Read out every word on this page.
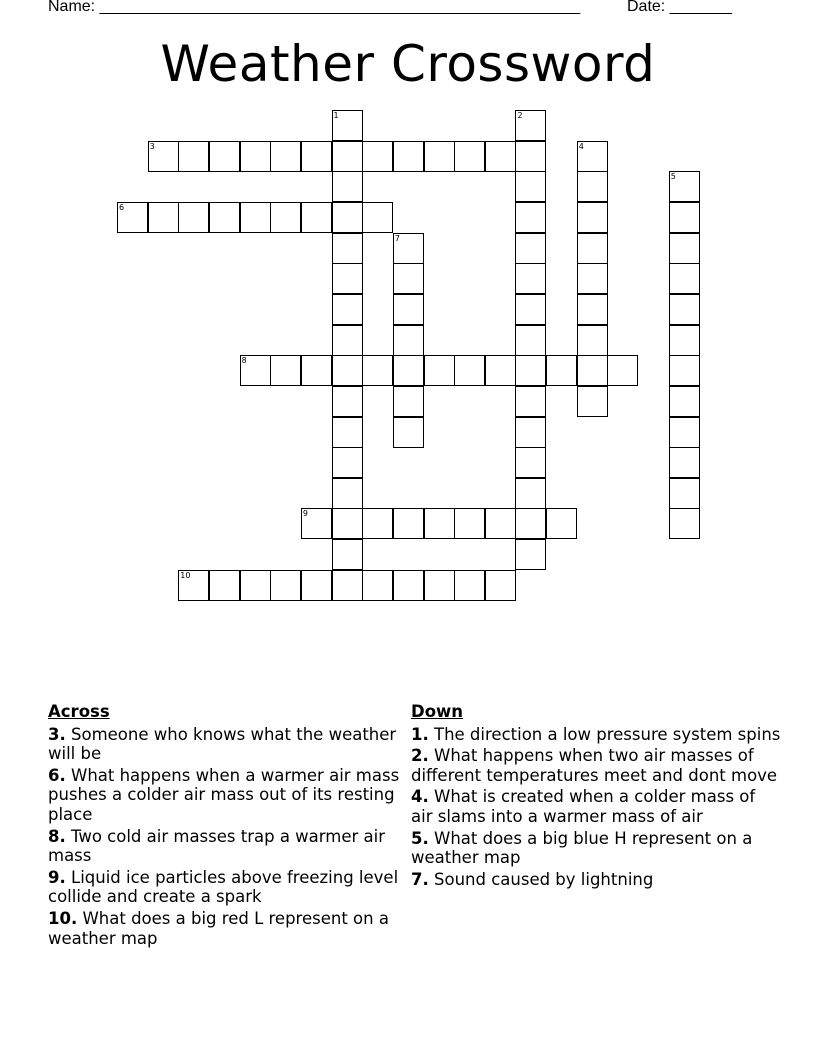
Name: ______________________________________________________	Date: _______
Weather Crossword
1	2
3	4
5
6
7
8
9
10
Across
3. Someone who knows what the weather will be
6. What happens when a warmer air mass pushes a colder air mass out of its resting place
8. Two cold air masses trap a warmer air mass
9. Liquid ice particles above freezing level collide and create a spark
10. What does a big red L represent on a weather map
Down
1. The direction a low pressure system spins
2. What happens when two air masses of different temperatures meet and dont move
4. What is created when a colder mass of air slams into a warmer mass of air
5. What does a big blue H represent on a weather map
7. Sound caused by lightning
